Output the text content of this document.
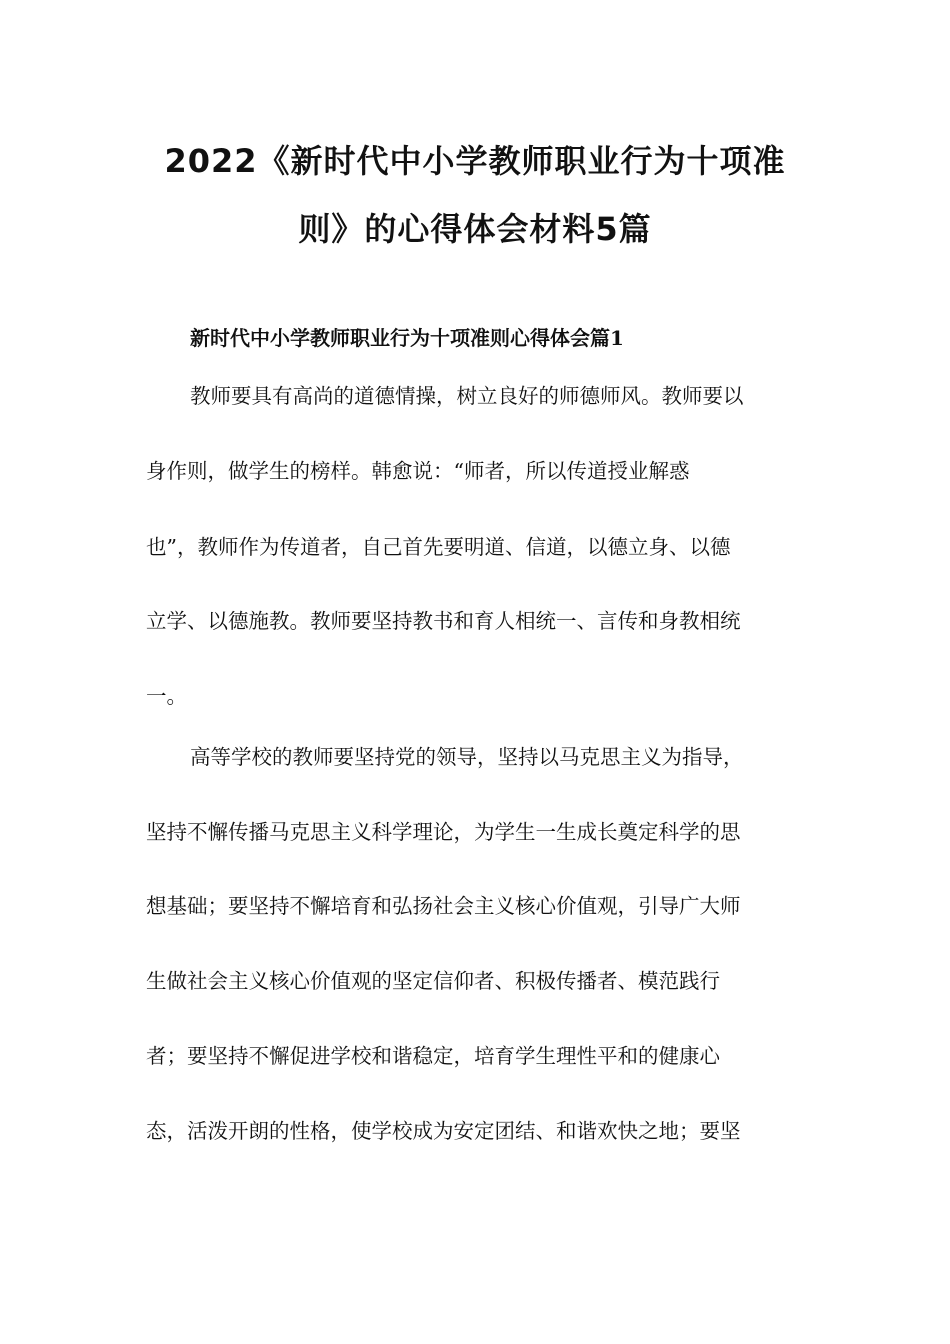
2022《新时代中小学教师职业行为十项准
则》的心得体会材料5篇
新时代中小学教师职业行为十项准则心得体会篇1
教师要具有高尚的道德情操，树立良好的师德师风。教师要以
身作则，做学生的榜样。韩愈说：“师者，所以传道授业解惑
也”，教师作为传道者，自己首先要明道、信道，以德立身、以德
立学、以德施教。教师要坚持教书和育人相统一、言传和身教相统
一。
高等学校的教师要坚持党的领导，坚持以马克思主义为指导，
坚持不懈传播马克思主义科学理论，为学生一生成长奠定科学的思
想基础；要坚持不懈培育和弘扬社会主义核心价值观，引导广大师
生做社会主义核心价值观的坚定信仰者、积极传播者、模范践行
者；要坚持不懈促进学校和谐稳定，培育学生理性平和的健康心
态，活泼开朗的性格，使学校成为安定团结、和谐欢快之地；要坚
